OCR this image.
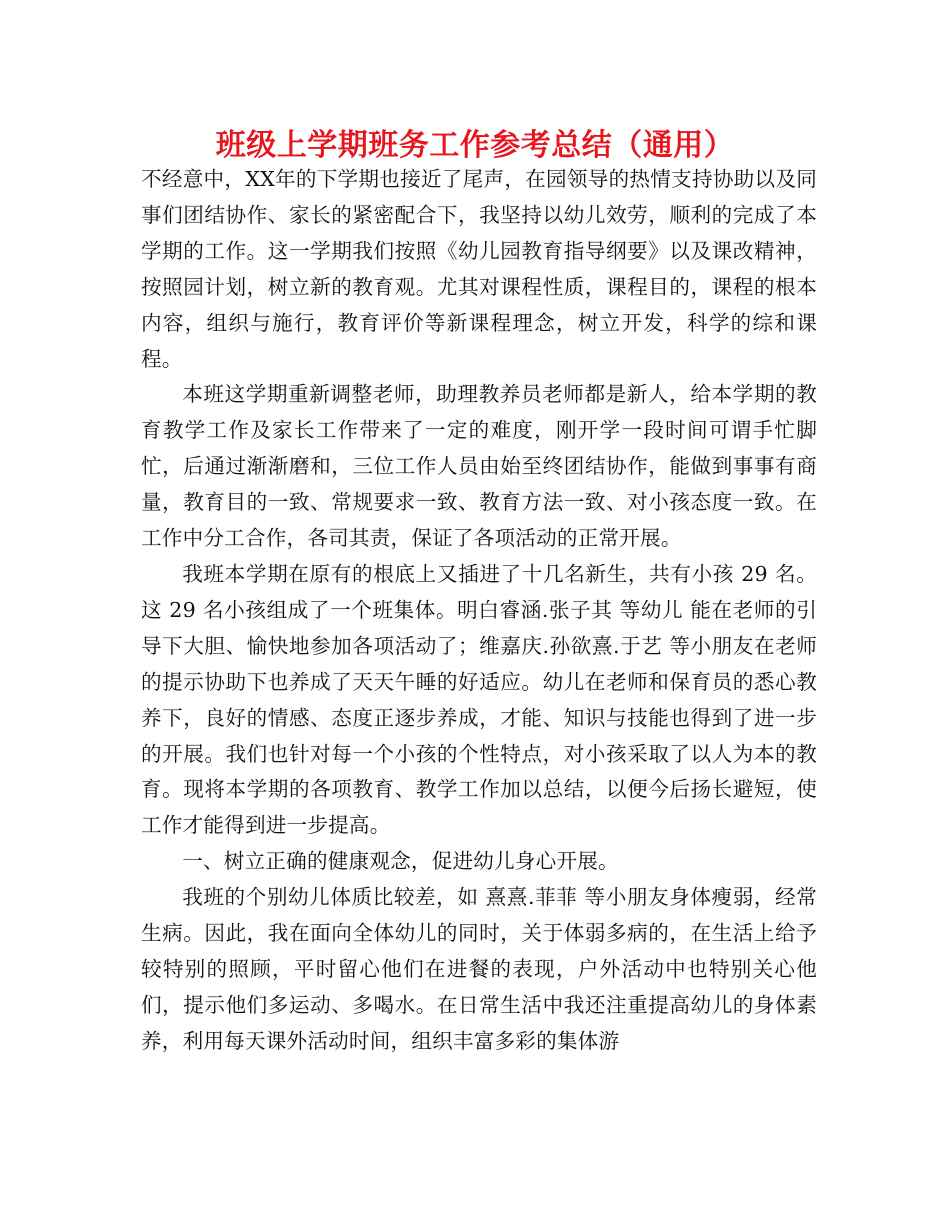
班级上学期班务工作参考总结（通用）

不经意中，XX年的下学期也接近了尾声，在园领导的热情支持协助以及同事们团结协作、家长的紧密配合下，我坚持以幼儿效劳，顺利的完成了本学期的工作。这一学期我们按照《幼儿园教育指导纲要》以及课改精神，按照园计划，树立新的教育观。尤其对课程性质，课程目的，课程的根本内容，组织与施行，教育评价等新课程理念，树立开发，科学的综和课程。

本班这学期重新调整老师，助理教养员老师都是新人，给本学期的教育教学工作及家长工作带来了一定的难度，刚开学一段时间可谓手忙脚忙，后通过渐渐磨和，三位工作人员由始至终团结协作，能做到事事有商量，教育目的一致、常规要求一致、教育方法一致、对小孩态度一致。在工作中分工合作，各司其责，保证了各项活动的正常开展。

我班本学期在原有的根底上又插进了十几名新生，共有小孩 29 名。这 29 名小孩组成了一个班集体。明白睿涵.张子其 等幼儿 能在老师的引导下大胆、愉快地参加各项活动了；维嘉庆.孙欲熹.于艺 等小朋友在老师的提示协助下也养成了天天午睡的好适应。幼儿在老师和保育员的悉心教养下，良好的情感、态度正逐步养成，才能、知识与技能也得到了进一步的开展。我们也针对每一个小孩的个性特点，对小孩采取了以人为本的教育。现将本学期的各项教育、教学工作加以总结，以便今后扬长避短，使工作才能得到进一步提高。

一、树立正确的健康观念，促进幼儿身心开展。

我班的个别幼儿体质比较差，如 熹熹.菲菲 等小朋友身体瘦弱，经常生病。因此，我在面向全体幼儿的同时，关于体弱多病的，在生活上给予较特别的照顾，平时留心他们在进餐的表现，户外活动中也特别关心他们，提示他们多运动、多喝水。在日常生活中我还注重提高幼儿的身体素养，利用每天课外活动时间，组织丰富多彩的集体游
